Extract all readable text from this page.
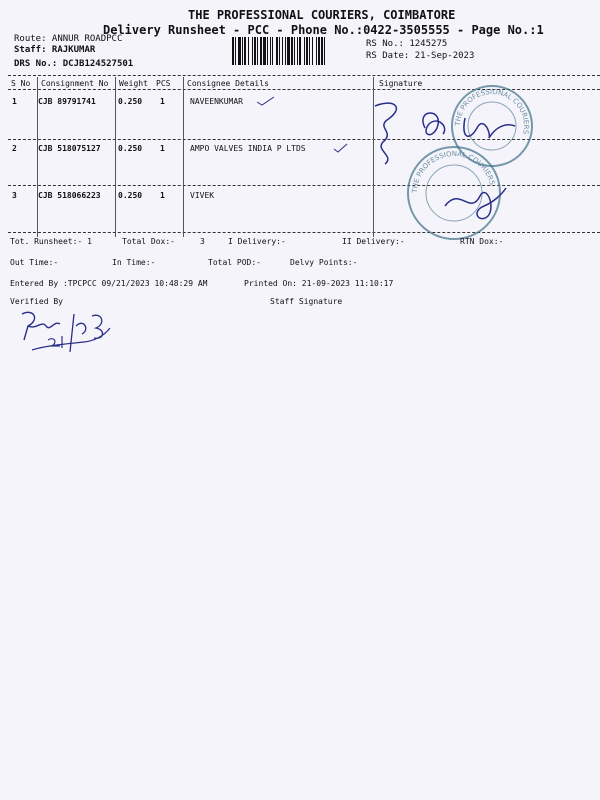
THE PROFESSIONAL COURIERS, COIMBATORE
Delivery Runsheet - PCC - Phone No.:0422-3505555 - Page No.:1
Route: ANNUR ROADPCC
Staff: RAJKUMAR
DRS No.: DCJB124527501
RS No.: 1245275
RS Date: 21-Sep-2023
S No Consignment No Weight PCS Consignee Details	Signature
1	CJB 89791741	0.250 1	NAVEENKUMAR
2	CJB 518075127 0.250 1	AMPO VALVES INDIA P LTDS
3	CJB 518066223 0.250 1	VIVEK
THE PROFESSIONAL COURIERS
THE PROFESSIONAL COURIERS
Tot. Runsheet:- 1	Total Dox:-	3	I Delivery:-	II Delivery:-	RTN Dox:-
Out Time:-	In Time:-	Total POD:-	Delvy Points:-
Entered By :TPCPCC 09/21/2023 10:48:29 AM	Printed On: 21-09-2023 11:10:17
Verified By	Staff Signature
